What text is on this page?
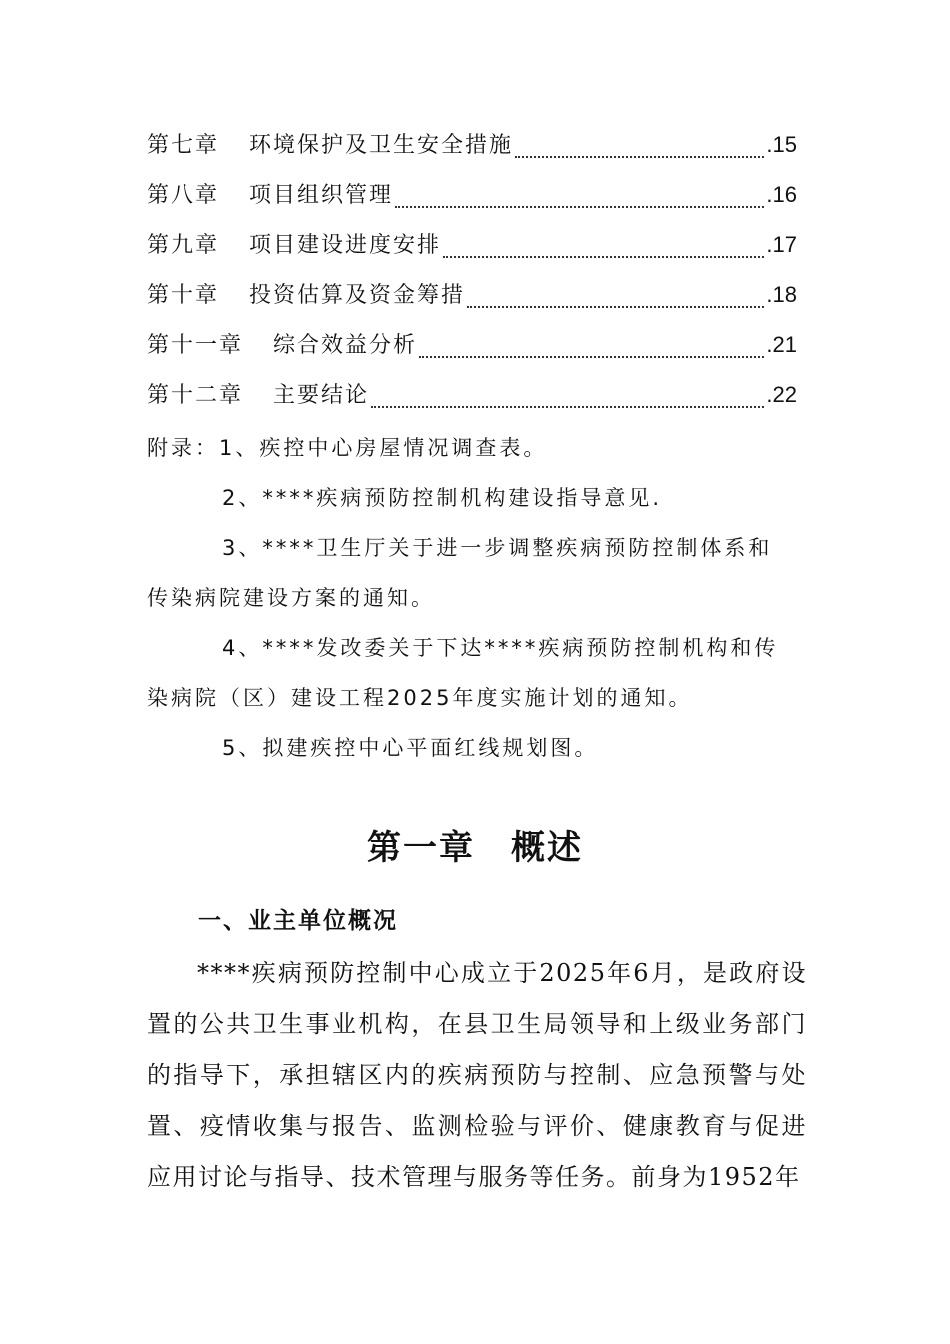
第七章 环境保护及卫生安全措施	.15
第八章 项目组织管理	.16
第九章 项目建设进度安排	.17
第十章 投资估算及资金筹措	.18
第十一章 综合效益分析	.21
第十二章 主要结论	.22
附录：1、疾控中心房屋情况调查表。
2、****疾病预防控制机构建设指导意见.
3、****卫生厅关于进一步调整疾病预防控制体系和
传染病院建设方案的通知。
4、****发改委关于下达****疾病预防控制机构和传
染病院（区）建设工程2025年度实施计划的通知。
5、拟建疾控中心平面红线规划图。
第一章　概述
一、业主单位概况
****疾病预防控制中心成立于2025年6月，是政府设置的公共卫生事业机构，在县卫生局领导和上级业务部门的指导下，承担辖区内的疾病预防与控制、应急预警与处置、疫情收集与报告、监测检验与评价、健康教育与促进应用讨论与指导、技术管理与服务等任务。前身为1952年
